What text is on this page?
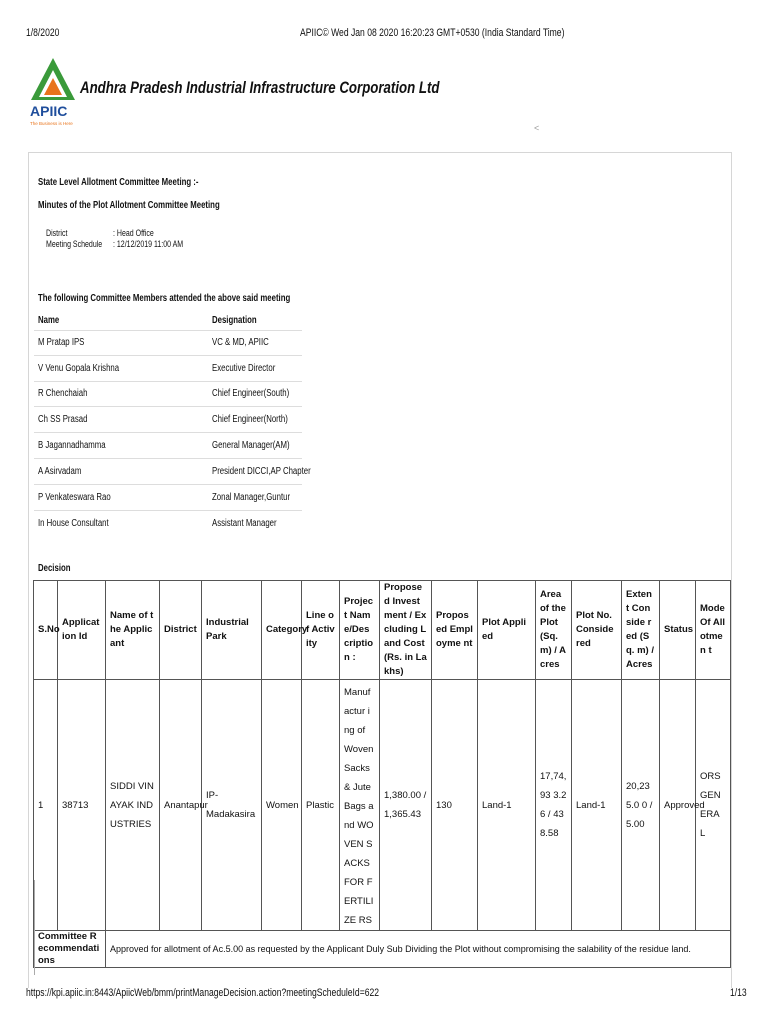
1/8/2020	APIIC© Wed Jan 08 2020 16:20:23 GMT+0530 (India Standard Time)
APIIC
The Business is Here
Andhra Pradesh Industrial Infrastructure Corporation Ltd
<
State Level Allotment Committee Meeting :-
Minutes of the Plot Allotment Committee Meeting
District	: Head Office
Meeting Schedule	: 12/12/2019 11:00 AM
The following Committee Members attended the above said meeting
Name	Designation
M Pratap IPS	VC & MD, APIIC
V Venu Gopala Krishna	Executive Director
R Chenchaiah	Chief Engineer(South)
Ch SS Prasad	Chief Engineer(North)
B Jagannadhamma	General Manager(AM)
A Asirvadam	President DICCI,AP Chapter
P Venkateswara Rao	Zonal Manager,Guntur
In House Consultant	Assistant Manager
Decision
S.No	Application Id	Name of the Applicant	District	Industrial Park	Category	Line of Activity	Project Name/Des cription :	Proposed Investment / Excluding Land Cost (Rs. in Lakhs)	Proposed Employme nt	Plot Applied	Area of the Plot (Sq. m) / Acres	Plot No. Considered	Extent Conside red (Sq. m) / Acres	Status	Mode Of Allotmen t
1	38713	SIDDI VINAYAK INDUSTRIES	Anantapur	IP-Madakasira	Women	Plastic	Manufactur ing of Woven Sacks & Jute Bags and WOVEN SACKS FOR FERTILIZE RS	1,380.00 / 1,365.43	130	Land-1	17,74,93 3.26 / 438.58	Land-1	20,235.0 0 / 5.00	Approved	ORS GENERA L
Committee Recommendations		Approved for allotment of Ac.5.00 as requested by the Applicant Duly Sub Dividing the Plot without compromising the salability of the residue land.													
https://kpi.apiic.in:8443/ApiicWeb/bmm/printManageDecision.action?meetingScheduleId=622	1/13
